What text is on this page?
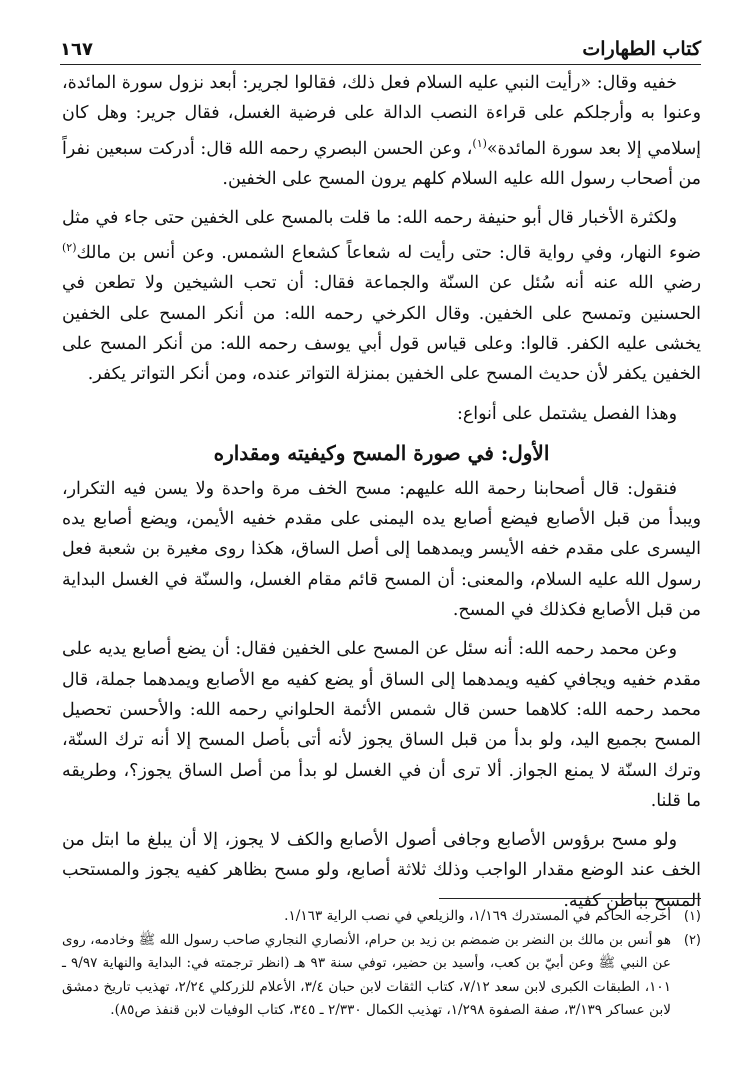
كتاب الطهارات
١٦٧

خفيه وقال: «رأيت النبي عليه السلام فعل ذلك، فقالوا لجرير: أبعد نزول سورة المائدة، وعنوا به وأرجلكم على قراءة النصب الدالة على فرضية الغسل، فقال جرير: وهل كان إسلامي إلا بعد سورة المائدة»$^{(١)}$، وعن الحسن البصري رحمه الله قال: أدركت سبعين نفراً من أصحاب رسول الله عليه السلام كلهم يرون المسح على الخفين.

ولكثرة الأخبار قال أبو حنيفة رحمه الله: ما قلت بالمسح على الخفين حتى جاء في مثل ضوء النهار، وفي رواية قال: حتى رأيت له شعاعاً كشعاع الشمس. وعن أنس بن مالك$^{(٢)}$ رضي الله عنه أنه سُئل عن السنّة والجماعة فقال: أن تحب الشيخين ولا تطعن في الحسنين وتمسح على الخفين. وقال الكرخي رحمه الله: من أنكر المسح على الخفين يخشى عليه الكفر. قالوا: وعلى قياس قول أبي يوسف رحمه الله: من أنكر المسح على الخفين يكفر لأن حديث المسح على الخفين بمنزلة التواتر عنده، ومن أنكر التواتر يكفر.

وهذا الفصل يشتمل على أنواع:

الأول: في صورة المسح وكيفيته ومقداره

فنقول: قال أصحابنا رحمة الله عليهم: مسح الخف مرة واحدة ولا يسن فيه التكرار، ويبدأ من قبل الأصابع فيضع أصابع يده اليمنى على مقدم خفيه الأيمن، ويضع أصابع يده اليسرى على مقدم خفه الأيسر ويمدهما إلى أصل الساق، هكذا روى مغيرة بن شعبة فعل رسول الله عليه السلام، والمعنى: أن المسح قائم مقام الغسل، والسنّة في الغسل البداية من قبل الأصابع فكذلك في المسح.

وعن محمد رحمه الله: أنه سئل عن المسح على الخفين فقال: أن يضع أصابع يديه على مقدم خفيه ويجافي كفيه ويمدهما إلى الساق أو يضع كفيه مع الأصابع ويمدهما جملة، قال محمد رحمه الله: كلاهما حسن قال شمس الأئمة الحلواني رحمه الله: والأحسن تحصيل المسح بجميع اليد، ولو بدأ من قبل الساق يجوز لأنه أتى بأصل المسح إلا أنه ترك السنّة، وترك السنّة لا يمنع الجواز. ألا ترى أن في الغسل لو بدأ من أصل الساق يجوز؟، وطريقه ما قلنا.

ولو مسح برؤوس الأصابع وجافى أصول الأصابع والكف لا يجوز، إلا أن يبلغ ما ابتل من الخف عند الوضع مقدار الواجب وذلك ثلاثة أصابع، ولو مسح بظاهر كفيه يجوز والمستحب المسح بباطن كفيه.

(١)
أخرجه الحاكم في المستدرك ١/١٦٩، والزيلعي في نصب الراية ١/١٦٣.
(٢)
هو أنس بن مالك بن النضر بن ضمضم بن زيد بن حرام، الأنصاري النجاري صاحب رسول الله ﷺ وخادمه، روى عن النبي ﷺ وعن أبيّ بن كعب، وأسيد بن حضير، توفي سنة ٩٣ هـ (انظر ترجمته في: البداية والنهاية ٩/٩٧ ـ ١٠١، الطبقات الكبرى لابن سعد ٧/١٢، كتاب الثقات لابن حبان ٣/٤، الأعلام للزركلي ٢/٢٤، تهذيب تاريخ دمشق لابن عساكر ٣/١٣٩، صفة الصفوة ١/٢٩٨، تهذيب الكمال ٢/٣٣٠ ـ ٣٤٥، كتاب الوفيات لابن قنفذ ص٨٥).
